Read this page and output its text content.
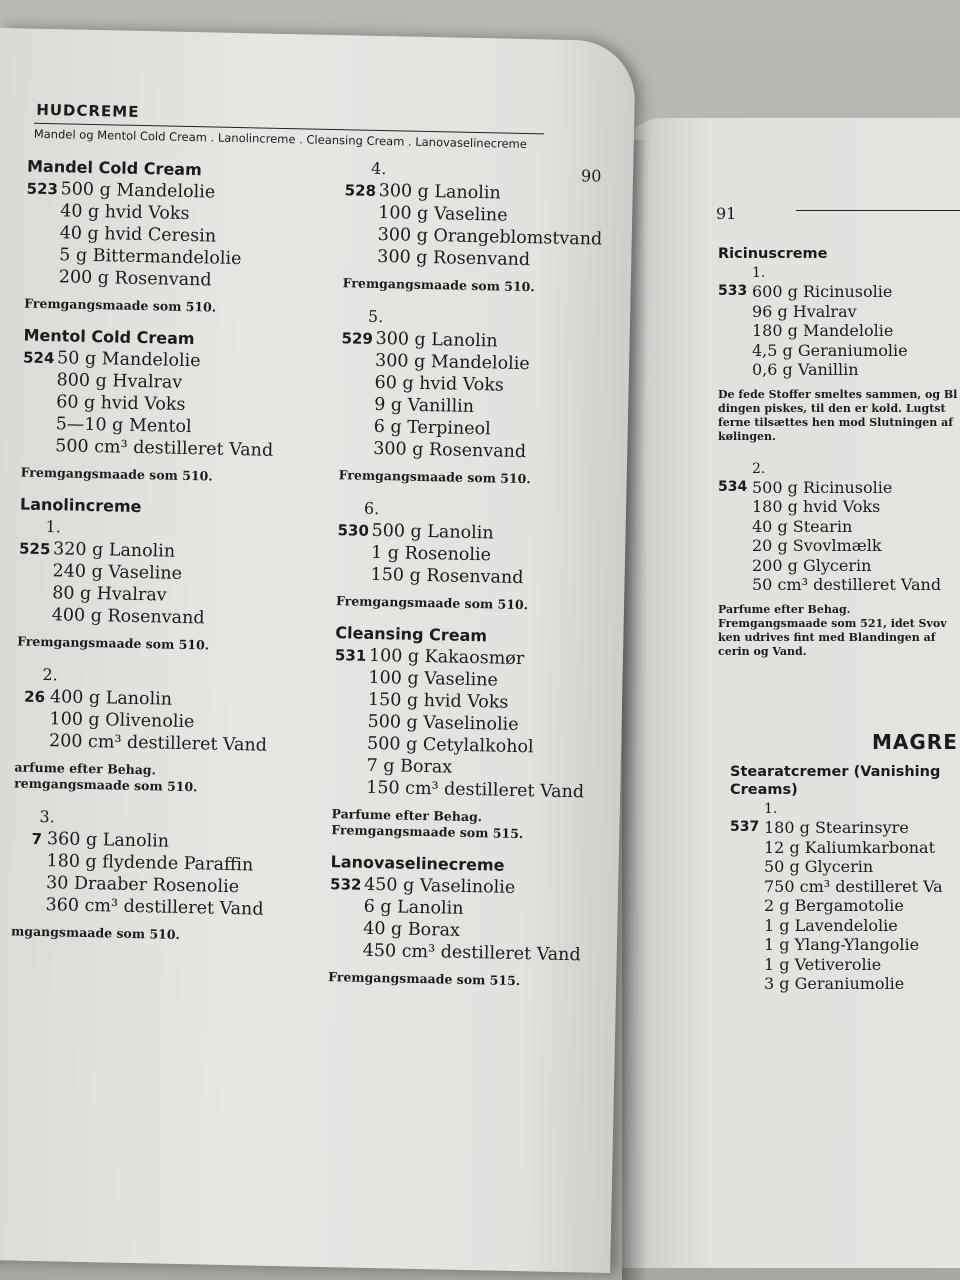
91
Ricinuscreme
1.
533 600 g Ricinusolie
96 g Hvalrav
180 g Mandelolie
4,5 g Geraniumolie
0,6 g Vanillin
De fede Stoffer smeltes sammen, og Bl
dingen piskes, til den er kold. Lugtst
ferne tilsættes hen mod Slutningen af
kølingen.
2.
534 500 g Ricinusolie
180 g hvid Voks
40 g Stearin
20 g Svovlmælk
200 g Glycerin
50 cm³ destilleret Vand
Parfume efter Behag.
Fremgangsmaade som 521, idet Svov
ken udrives fint med Blandingen af
cerin og Vand.
MAGRE
Stearatcremer (Vanishing
Creams)
1.
537 180 g Stearinsyre
12 g Kaliumkarbonat
50 g Glycerin
750 cm³ destilleret Va
2 g Bergamotolie
1 g Lavendelolie
1 g Ylang-Ylangolie
1 g Vetiverolie
3 g Geraniumolie
HUDCREME
Mandel og Mentol Cold Cream . Lanolincreme . Cleansing Cream . Lanovaselinecreme
90
Mandel Cold Cream
523 500 g Mandelolie
40 g hvid Voks
40 g hvid Ceresin
5 g Bittermandelolie
200 g Rosenvand
Fremgangsmaade som 510.
Mentol Cold Cream
524 50 g Mandelolie
800 g Hvalrav
60 g hvid Voks
5—10 g Mentol
500 cm³ destilleret Vand
Fremgangsmaade som 510.
Lanolincreme
1.
525 320 g Lanolin
240 g Vaseline
80 g Hvalrav
400 g Rosenvand
Fremgangsmaade som 510.
2.
26 400 g Lanolin
100 g Olivenolie
200 cm³ destilleret Vand
arfume efter Behag.
remgangsmaade som 510.
3.
7 360 g Lanolin
180 g flydende Paraffin
30 Draaber Rosenolie
360 cm³ destilleret Vand
mgangsmaade som 510.
4.
528 300 g Lanolin
100 g Vaseline
300 g Orangeblomstvand
300 g Rosenvand
Fremgangsmaade som 510.
5.
529 300 g Lanolin
300 g Mandelolie
60 g hvid Voks
9 g Vanillin
6 g Terpineol
300 g Rosenvand
Fremgangsmaade som 510.
6.
530 500 g Lanolin
1 g Rosenolie
150 g Rosenvand
Fremgangsmaade som 510.
Cleansing Cream
531 100 g Kakaosmør
100 g Vaseline
150 g hvid Voks
500 g Vaselinolie
500 g Cetylalkohol
7 g Borax
150 cm³ destilleret Vand
Parfume efter Behag.
Fremgangsmaade som 515.
Lanovaselinecreme
532 450 g Vaselinolie
6 g Lanolin
40 g Borax
450 cm³ destilleret Vand
Fremgangsmaade som 515.
